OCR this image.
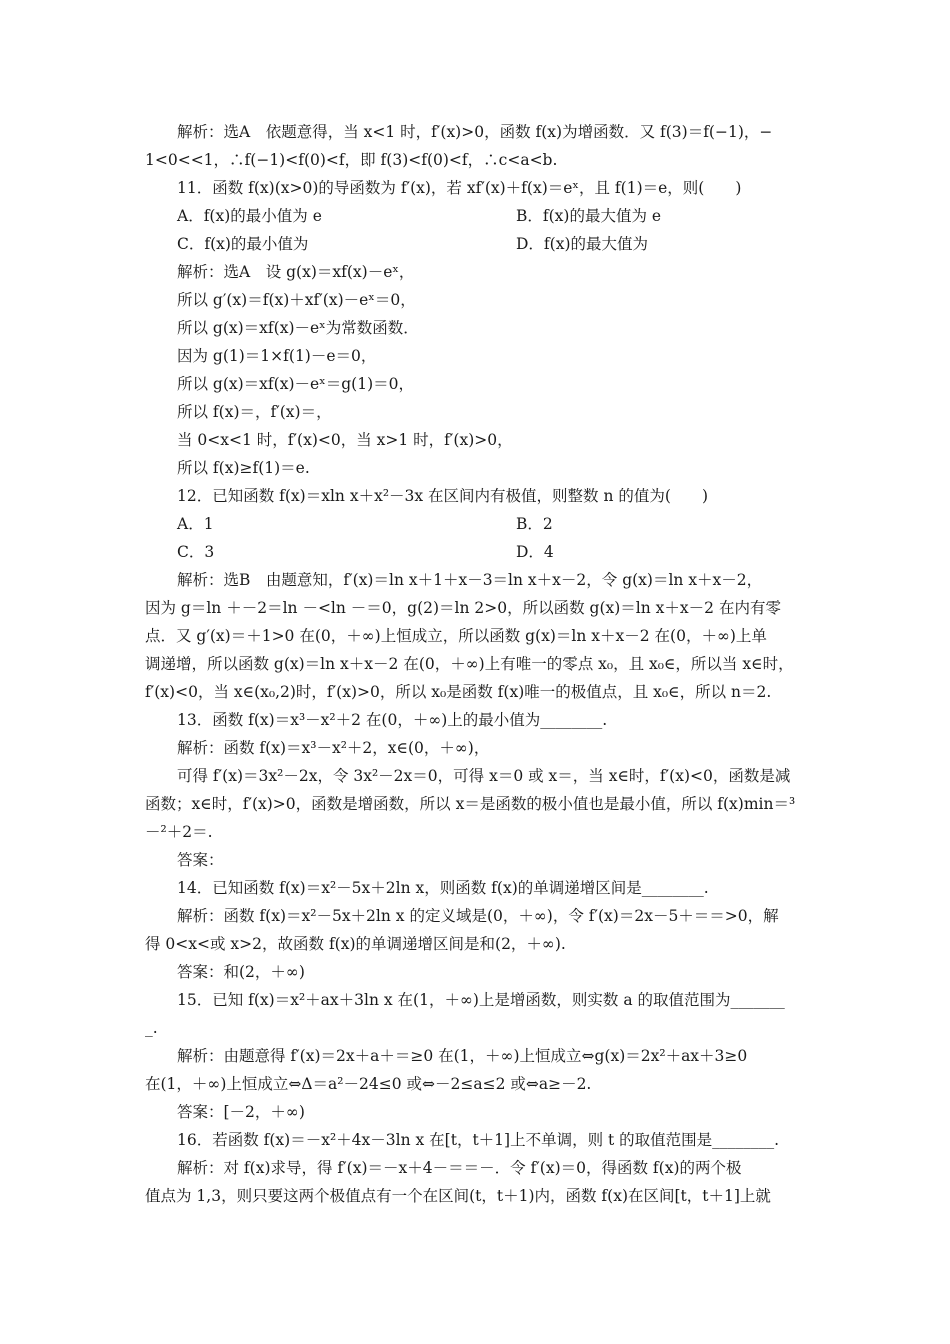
解析：选A　依题意得，当 x<1 时，f′(x)>0，函数 f(x)为增函数．又 f(3)＝f(−1)，−
1<0<<1，∴f(−1)<f(0)<f，即 f(3)<f(0)<f，∴c<a<b.
11．函数 f(x)(x>0)的导函数为 f′(x)，若 xf′(x)＋f(x)＝eˣ，且 f(1)＝e，则(　　)
A．f(x)的最小值为 e	B．f(x)的最大值为 e
C．f(x)的最小值为	D．f(x)的最大值为
解析：选A　设 g(x)＝xf(x)－eˣ，
所以 g′(x)＝f(x)＋xf′(x)－eˣ＝0，
所以 g(x)＝xf(x)－eˣ为常数函数．
因为 g(1)＝1×f(1)－e＝0，
所以 g(x)＝xf(x)－eˣ＝g(1)＝0，
所以 f(x)＝，f′(x)＝，
当 0<x<1 时，f′(x)<0，当 x>1 时，f′(x)>0，
所以 f(x)≥f(1)＝e.
12．已知函数 f(x)＝xln x＋x²－3x 在区间内有极值，则整数 n 的值为(　　)
A．1	B．2
C．3	D．4
解析：选B　由题意知，f′(x)＝ln x＋1＋x－3＝ln x＋x－2，令 g(x)＝ln x＋x－2，
因为 g＝ln ＋－2＝ln －<ln －＝0，g(2)＝ln 2>0，所以函数 g(x)＝ln x＋x－2 在内有零
点．又 g′(x)＝＋1>0 在(0，＋∞)上恒成立，所以函数 g(x)＝ln x＋x－2 在(0，＋∞)上单
调递增，所以函数 g(x)＝ln x＋x－2 在(0，＋∞)上有唯一的零点 x₀，且 x₀∈，所以当 x∈时，
f′(x)<0，当 x∈(x₀,2)时，f′(x)>0，所以 x₀是函数 f(x)唯一的极值点，且 x₀∈，所以 n＝2.
13．函数 f(x)＝x³－x²＋2 在(0，＋∞)上的最小值为________.
解析：函数 f(x)＝x³－x²＋2，x∈(0，＋∞)，
可得 f′(x)＝3x²－2x，令 3x²－2x＝0，可得 x＝0 或 x＝，当 x∈时，f′(x)<0，函数是减
函数；x∈时，f′(x)>0，函数是增函数，所以 x＝是函数的极小值也是最小值，所以 f(x)min＝³
－²＋2＝.
答案：
14．已知函数 f(x)＝x²－5x＋2ln x，则函数 f(x)的单调递增区间是________.
解析：函数 f(x)＝x²－5x＋2ln x 的定义域是(0，＋∞)，令 f′(x)＝2x－5＋＝＝>0，解
得 0<x<或 x>2，故函数 f(x)的单调递增区间是和(2，＋∞).
答案：和(2，＋∞)
15．已知 f(x)＝x²＋ax＋3ln x 在(1，＋∞)上是增函数，则实数 a 的取值范围为_______
_.
解析：由题意得 f′(x)＝2x＋a＋＝≥0 在(1，＋∞)上恒成立⇔g(x)＝2x²＋ax＋3≥0
在(1，＋∞)上恒成立⇔Δ＝a²－24≤0 或⇔－2≤a≤2 或⇔a≥－2.
答案：[－2，＋∞)
16．若函数 f(x)＝－x²＋4x－3ln x 在[t，t＋1]上不单调，则 t 的取值范围是________.
解析：对 f(x)求导，得 f′(x)＝－x＋4－＝＝－．令 f′(x)＝0，得函数 f(x)的两个极
值点为 1,3，则只要这两个极值点有一个在区间(t，t＋1)内，函数 f(x)在区间[t，t＋1]上就
